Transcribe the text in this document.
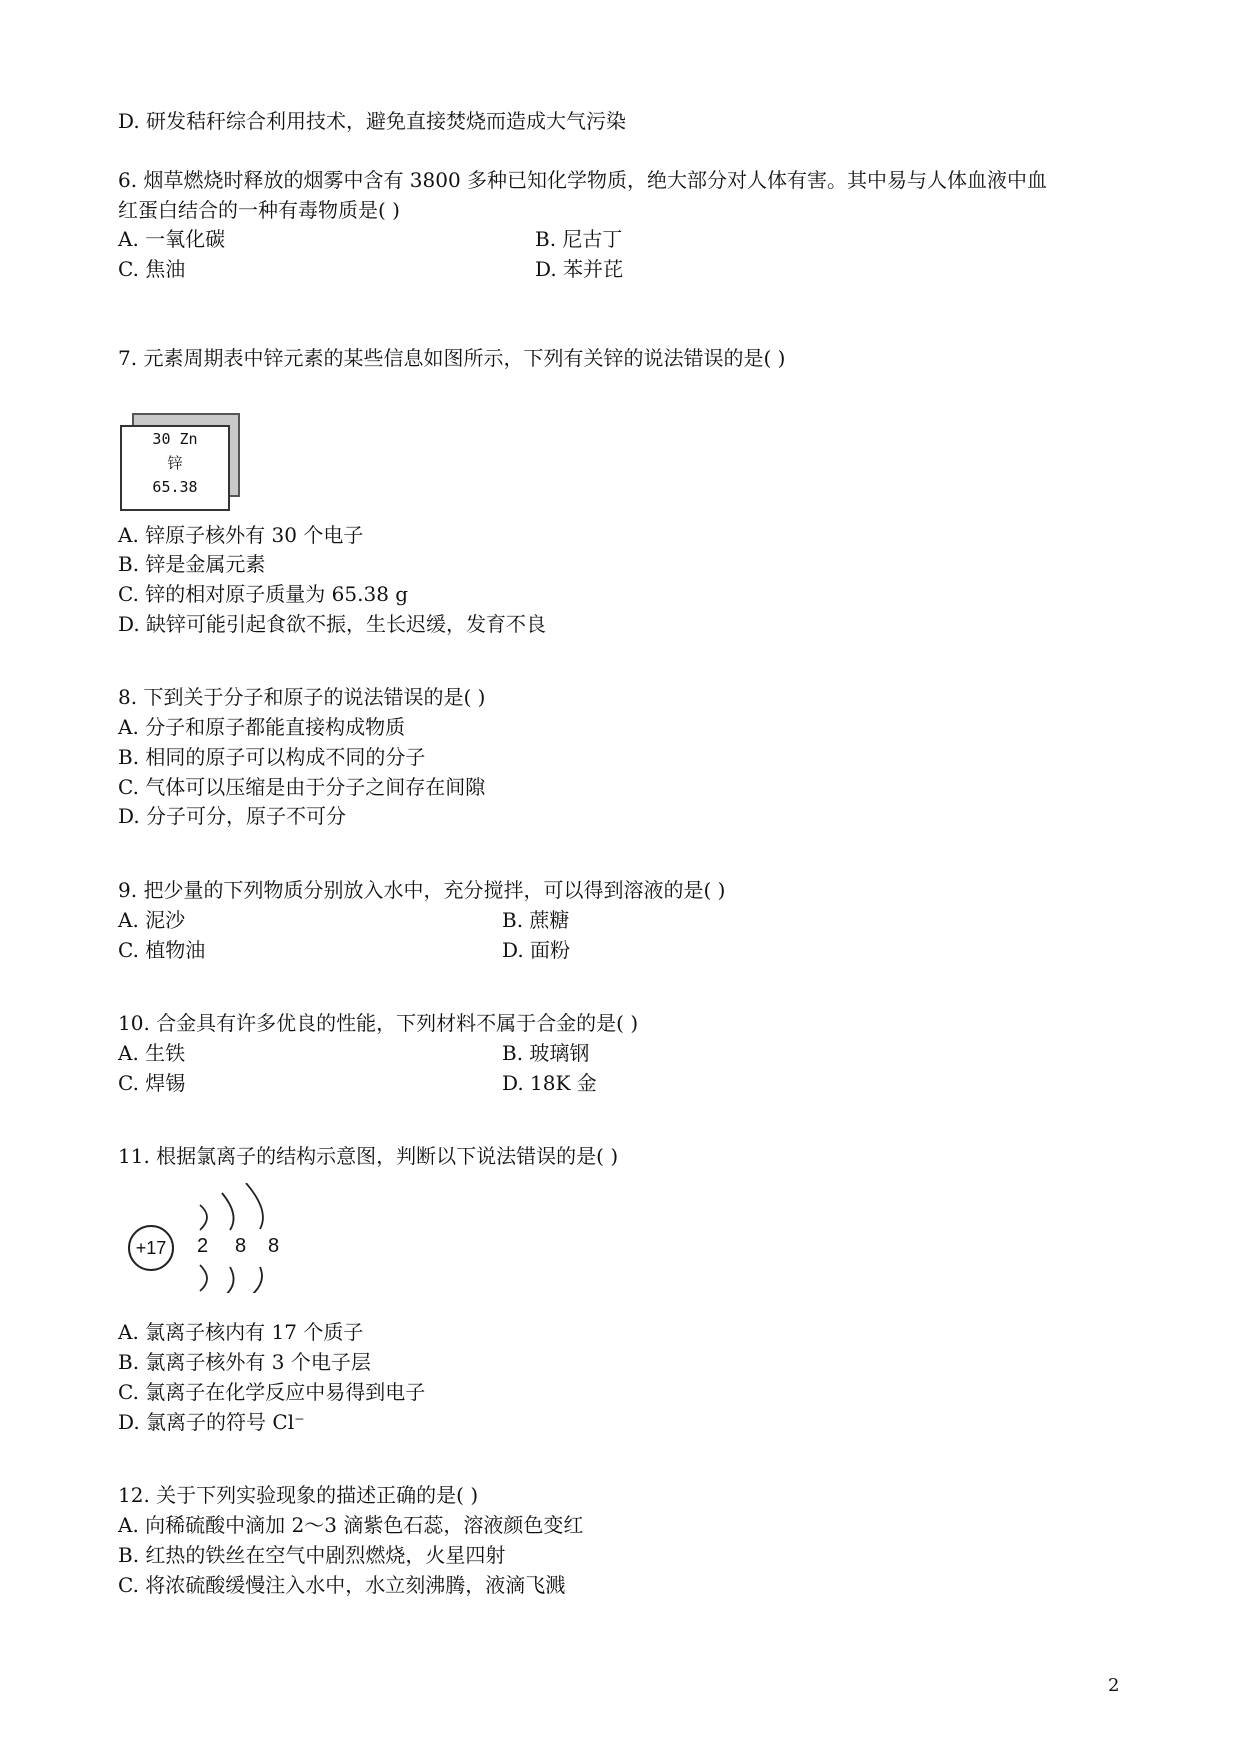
D. 研发秸秆综合利用技术，避免直接焚烧而造成大气污染
6. 烟草燃烧时释放的烟雾中含有 3800 多种已知化学物质，绝大部分对人体有害。其中易与人体血液中血
红蛋白结合的一种有毒物质是( )
A. 一氧化碳	B. 尼古丁
C. 焦油	D. 苯并芘
7. 元素周期表中锌元素的某些信息如图所示，下列有关锌的说法错误的是( )
30 Zn
锌
65.38
A. 锌原子核外有 30 个电子
B. 锌是金属元素
C. 锌的相对原子质量为 65.38 g
D. 缺锌可能引起食欲不振，生长迟缓，发育不良
8. 下到关于分子和原子的说法错误的是( )
A. 分子和原子都能直接构成物质
B. 相同的原子可以构成不同的分子
C. 气体可以压缩是由于分子之间存在间隙
D. 分子可分，原子不可分
9. 把少量的下列物质分别放入水中，充分搅拌，可以得到溶液的是( )
A. 泥沙	B. 蔗糖
C. 植物油	D. 面粉
10. 合金具有许多优良的性能，下列材料不属于合金的是( )
A. 生铁	B. 玻璃钢
C. 焊锡	D. 18K 金
11. 根据氯离子的结构示意图，判断以下说法错误的是( )
+17	2 8 8
A. 氯离子核内有 17 个质子
B. 氯离子核外有 3 个电子层
C. 氯离子在化学反应中易得到电子
D. 氯离子的符号 Cl⁻
12. 关于下列实验现象的描述正确的是( )
A. 向稀硫酸中滴加 2～3 滴紫色石蕊，溶液颜色变红
B. 红热的铁丝在空气中剧烈燃烧，火星四射
C. 将浓硫酸缓慢注入水中，水立刻沸腾，液滴飞溅
2
